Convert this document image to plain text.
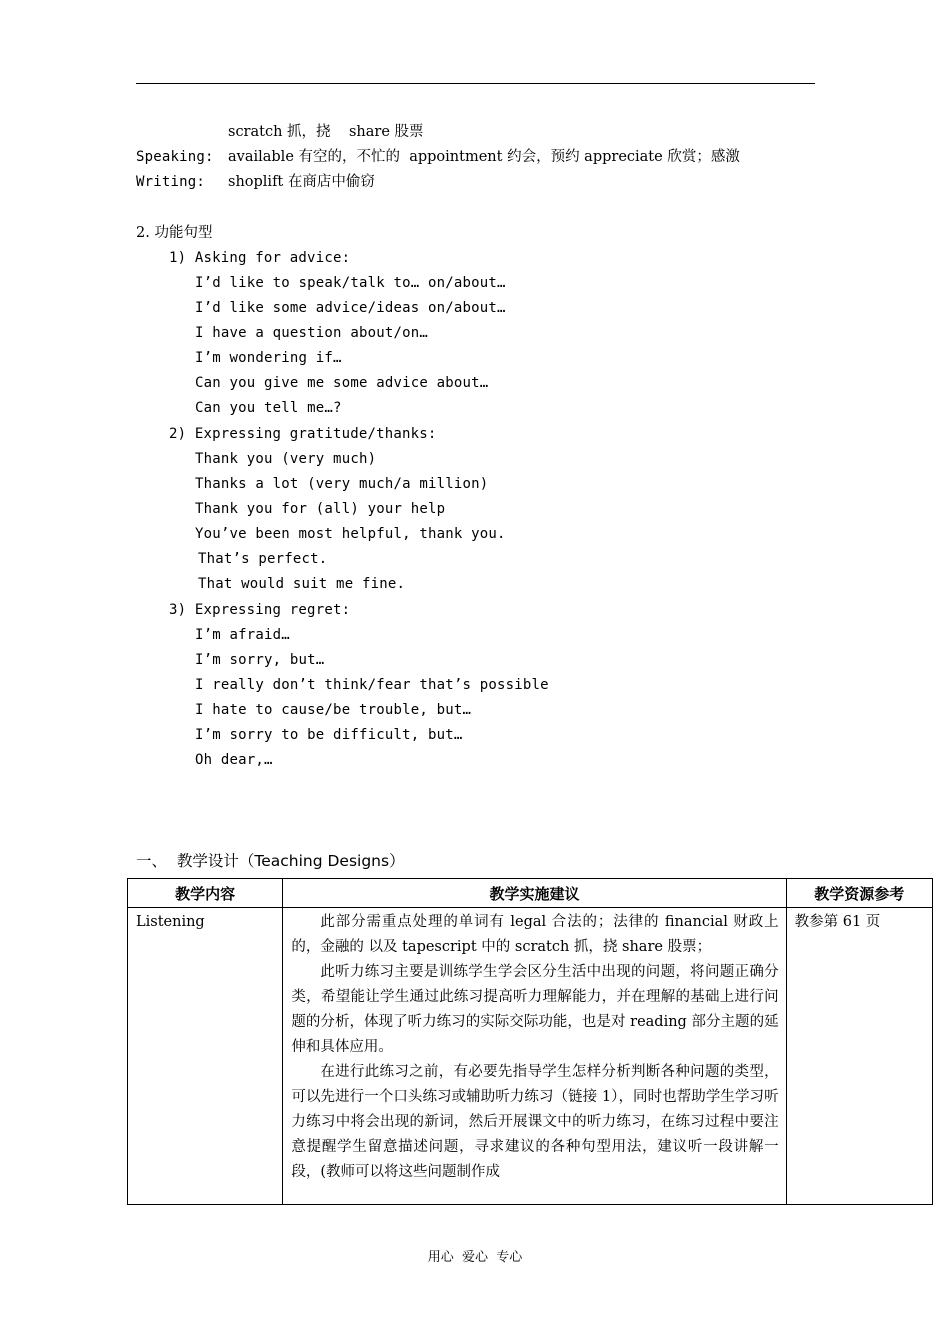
scratch 抓，挠    share 股票
Speaking: available 有空的，不忙的  appointment 约会，预约 appreciate 欣赏；感激
Writing: shoplift 在商店中偷窃
2. 功能句型
1) Asking for advice:
I’d like to speak/talk to… on/about…
I’d like some advice/ideas on/about…
I have a question about/on…
I’m wondering if…
Can you give me some advice about…
Can you tell me…?
2) Expressing gratitude/thanks:
Thank you (very much)
Thanks a lot (very much/a million)
Thank you for (all) your help
You’ve been most helpful, thank you.
That’s perfect.
That would suit me fine.
3) Expressing regret:
I’m afraid…
I’m sorry, but…
I really don’t think/fear that’s possible
I hate to cause/be trouble, but…
I’m sorry to be difficult, but…
Oh dear,…
一、 教学设计（Teaching Designs）
教学内容	教学实施建议	教学资源参考

Listening	此部分需重点处理的单词有 legal 合法的；法律的 financial 财政上的，金融的 以及 tapescript 中的 scratch 抓，挠 share 股票；

此听力练习主要是训练学生学会区分生活中出现的问题，将问题正确分类，希望能让学生通过此练习提高听力理解能力，并在理解的基础上进行问题的分析，体现了听力练习的实际交际功能，也是对 reading 部分主题的延伸和具体应用。

在进行此练习之前，有必要先指导学生怎样分析判断各种问题的类型，可以先进行一个口头练习或辅助听力练习（链接 1），同时也帮助学生学习听力练习中将会出现的新词，然后开展课文中的听力练习，在练习过程中要注意提醒学生留意描述问题，寻求建议的各种句型用法，建议听一段讲解一段，(教师可以将这些问题制作成	教参第 61 页
用心  爱心  专心
